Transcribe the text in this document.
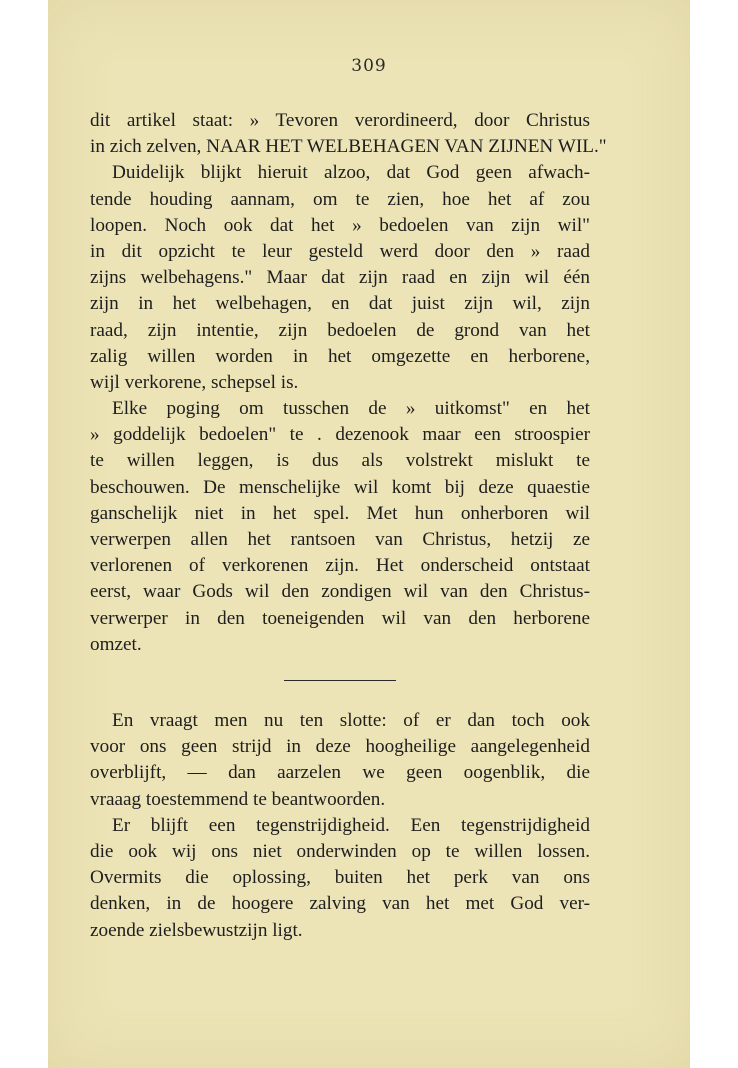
309
dit artikel staat: » Tevoren verordineerd, door Christus
in zich zelven, NAAR HET WELBEHAGEN VAN ZIJNEN WIL."
Duidelijk blijkt hieruit alzoo, dat God geen afwach-
tende houding aannam, om te zien, hoe het af zou
loopen. Noch ook dat het » bedoelen van zijn wil"
in dit opzicht te leur gesteld werd door den » raad
zijns welbehagens." Maar dat zijn raad en zijn wil één
zijn in het welbehagen, en dat juist zijn wil, zijn
raad, zijn intentie, zijn bedoelen de grond van het
zalig willen worden in het omgezette en herborene,
wijl verkorene, schepsel is.
Elke poging om tusschen de » uitkomst" en het
» goddelijk bedoelen" te . dezenook maar een stroospier
te willen leggen, is dus als volstrekt mislukt te
beschouwen. De menschelijke wil komt bij deze quaestie
ganschelijk niet in het spel. Met hun onherboren wil
verwerpen allen het rantsoen van Christus, hetzij ze
verlorenen of verkorenen zijn. Het onderscheid ontstaat
eerst, waar Gods wil den zondigen wil van den Christus-
verwerper in den toeneigenden wil van den herborene
omzet.
En vraagt men nu ten slotte: of er dan toch ook
voor ons geen strijd in deze hoogheilige aangelegenheid
overblijft, — dan aarzelen we geen oogenblik, die
vraaag toestemmend te beantwoorden.
Er blijft een tegenstrijdigheid. Een tegenstrijdigheid
die ook wij ons niet onderwinden op te willen lossen.
Overmits die oplossing, buiten het perk van ons
denken, in de hoogere zalving van het met God ver-
zoende zielsbewustzijn ligt.
